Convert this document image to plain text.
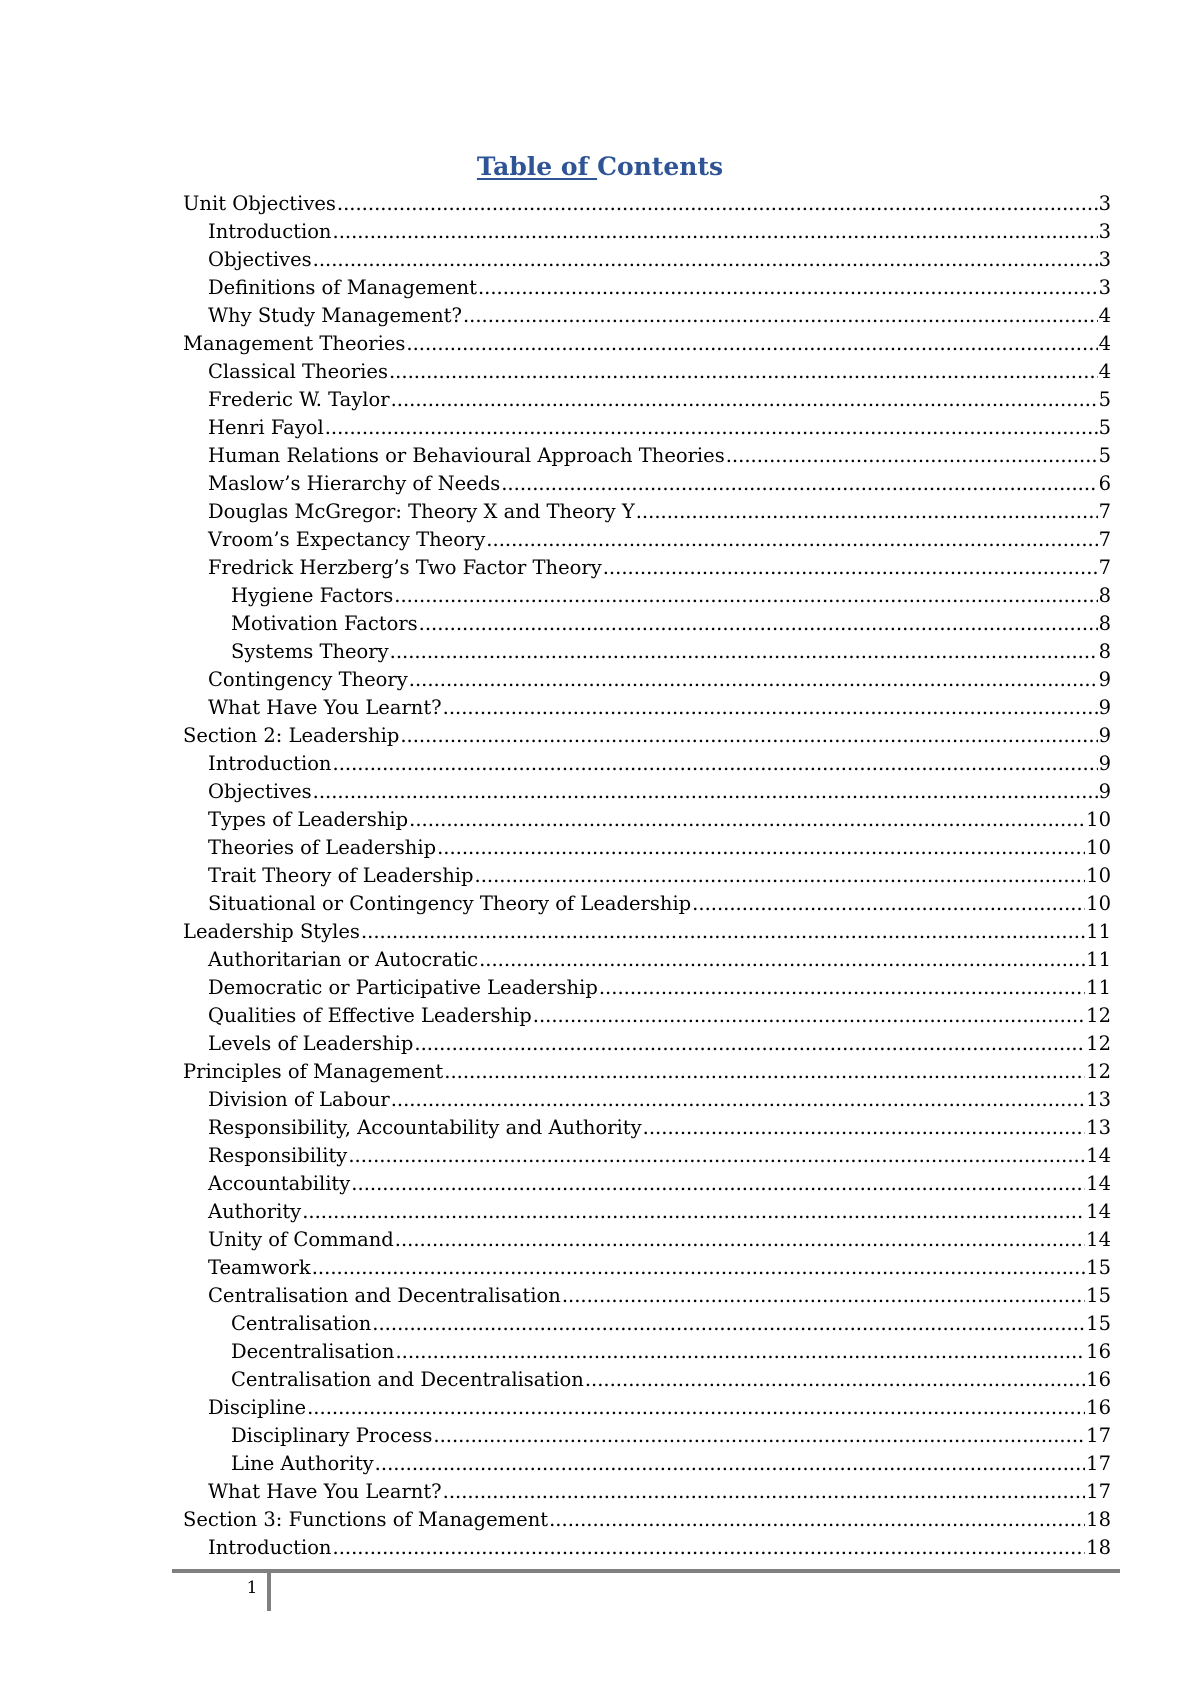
Table of Contents
Unit Objectives .....	3
Introduction .....	3
Objectives .....	3
Definitions of Management .....	3
Why Study Management? .....	4
Management Theories .....	4
Classical Theories .....	4
Frederic W. Taylor .....	5
Henri Fayol .....	5
Human Relations or Behavioural Approach Theories .....	5
Maslow’s Hierarchy of Needs .....	6
Douglas McGregor: Theory X and Theory Y .....	7
Vroom’s Expectancy Theory .....	7
Fredrick Herzberg’s Two Factor Theory .....	7
Hygiene Factors .....	8
Motivation Factors .....	8
Systems Theory .....	8
Contingency Theory .....	9
What Have You Learnt? .....	9
Section 2: Leadership .....	9
Introduction .....	9
Objectives .....	9
Types of Leadership .....	10
Theories of Leadership .....	10
Trait Theory of Leadership .....	10
Situational or Contingency Theory of Leadership .....	10
Leadership Styles .....	11
Authoritarian or Autocratic .....	11
Democratic or Participative Leadership .....	11
Qualities of Effective Leadership .....	12
Levels of Leadership .....	12
Principles of Management .....	12
Division of Labour .....	13
Responsibility, Accountability and Authority .....	13
Responsibility .....	14
Accountability .....	14
Authority .....	14
Unity of Command .....	14
Teamwork .....	15
Centralisation and Decentralisation .....	15
Centralisation .....	15
Decentralisation .....	16
Centralisation and Decentralisation .....	16
Discipline .....	16
Disciplinary Process .....	17
Line Authority .....	17
What Have You Learnt? .....	17
Section 3: Functions of Management .....	18
Introduction .....	18
1
